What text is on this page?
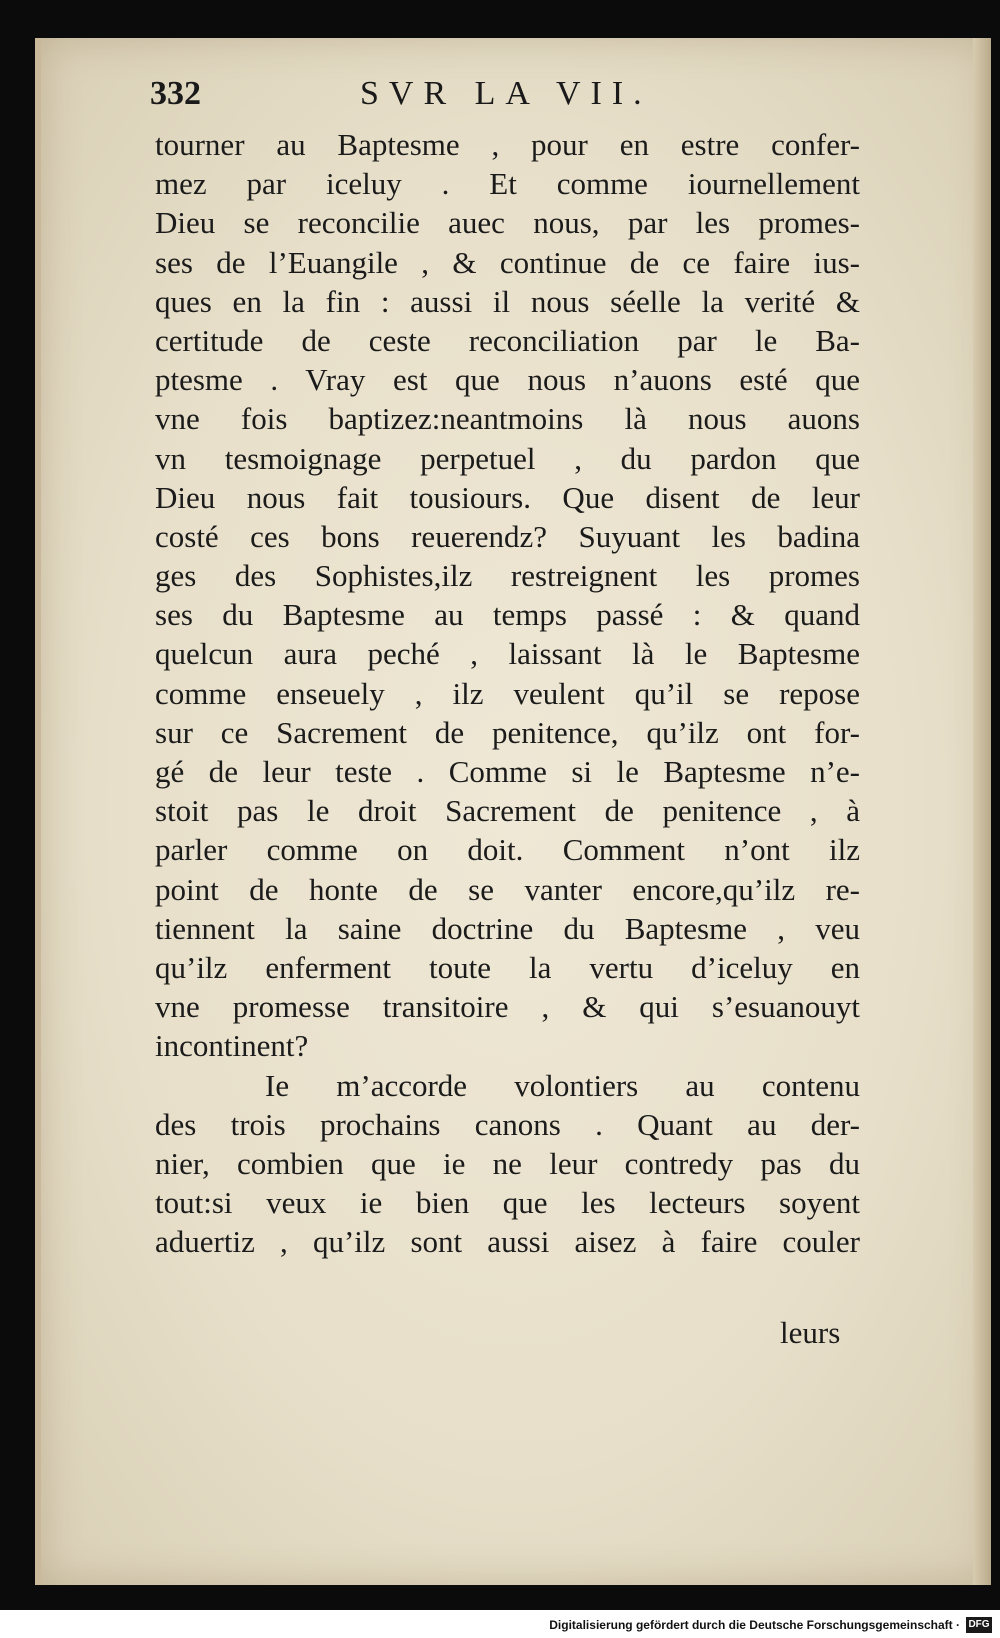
332	SVR LA VII.
tourner au Baptesme , pour en estre confer-
mez par iceluy . Et comme iournellement
Dieu se reconcilie auec nous, par les promes-
ses de l’Euangile , & continue de ce faire ius-
ques en la fin : aussi il nous séelle la verité &
certitude de ceste reconciliation par le Ba-
ptesme . Vray est que nous n’auons esté que
vne fois baptizez:neantmoins là nous auons
vn tesmoignage perpetuel , du pardon que
Dieu nous fait tousiours. Que disent de leur
costé ces bons reuerendz? Suyuant les badina
ges des Sophistes,ilz restreignent les promes
ses du Baptesme au temps passé : & quand
quelcun aura peché , laissant là le Baptesme
comme enseuely , ilz veulent qu’il se repose
sur ce Sacrement de penitence, qu’ilz ont for-
gé de leur teste . Comme si le Baptesme n’e-
stoit pas le droit Sacrement de penitence , à
parler comme on doit. Comment n’ont ilz
point de honte de se vanter encore,qu’ilz re-
tiennent la saine doctrine du Baptesme , veu
qu’ilz enferment toute la vertu d’iceluy en
vne promesse transitoire , & qui s’esuanouyt
incontinent?
Ie m’accorde volontiers au contenu
des trois prochains canons . Quant au der-
nier, combien que ie ne leur contredy pas du
tout:si veux ie bien que les lecteurs soyent
aduertiz , qu’ilz sont aussi aisez à faire couler
leurs
Digitalisierung gefördert durch die Deutsche Forschungsgemeinschaft · DFG
